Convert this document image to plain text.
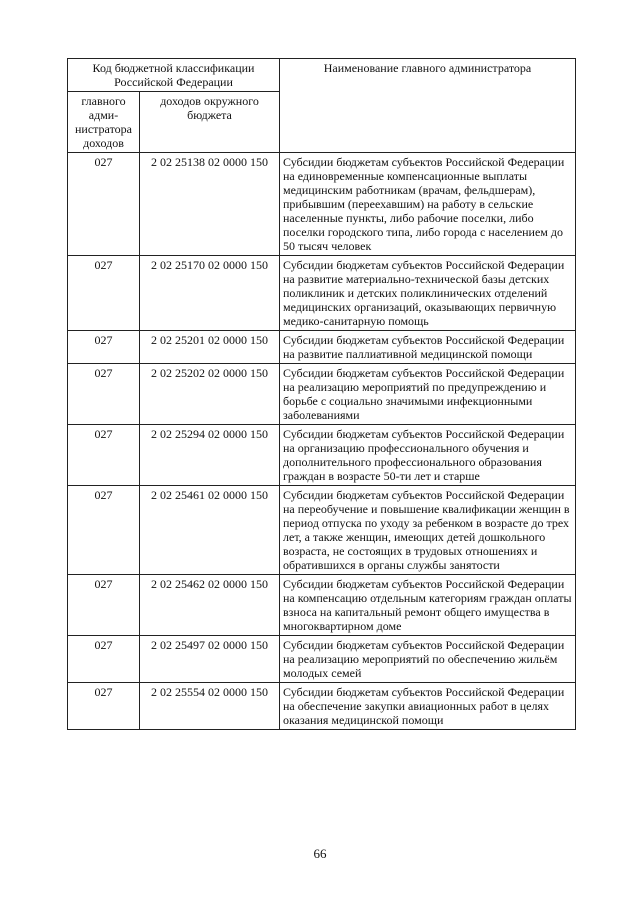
Код бюджетной классификации Российской Федерации		Наименование главного администратора
главного адми-нистратора доходов	доходов окружного бюджета	
027	2 02 25138 02 0000 150	Субсидии бюджетам субъектов Российской Федерации на единовременные компенсационные выплаты медицинским работникам (врачам, фельдшерам), прибывшим (переехавшим) на работу в сельские населенные пункты, либо рабочие поселки, либо поселки городского типа, либо города с населением до 50 тысяч человек
027	2 02 25170 02 0000 150	Субсидии бюджетам субъектов Российской Федерации на развитие материально-технической базы детских поликлиник и детских поликлинических отделений медицинских организаций, оказывающих первичную медико-санитарную помощь
027	2 02 25201 02 0000 150	Субсидии бюджетам субъектов Российской Федерации на развитие паллиативной медицинской помощи
027	2 02 25202 02 0000 150	Субсидии бюджетам субъектов Российской Федерации на реализацию мероприятий по предупреждению и борьбе с социально значимыми инфекционными заболеваниями
027	2 02 25294 02 0000 150	Субсидии бюджетам субъектов Российской Федерации на организацию профессионального обучения и дополнительного профессионального образования граждан в возрасте 50-ти лет и старше
027	2 02 25461 02 0000 150	Субсидии бюджетам субъектов Российской Федерации на переобучение и повышение квалификации женщин в период отпуска по уходу за ребенком в возрасте до трех лет, а также женщин, имеющих детей дошкольного возраста, не состоящих в трудовых отношениях и обратившихся в органы службы занятости
027	2 02 25462 02 0000 150	Субсидии бюджетам субъектов Российской Федерации на компенсацию отдельным категориям граждан оплаты взноса на капитальный ремонт общего имущества в многоквартирном доме
027	2 02 25497 02 0000 150	Субсидии бюджетам субъектов Российской Федерации на реализацию мероприятий по обеспечению жильём молодых семей
027	2 02 25554 02 0000 150	Субсидии бюджетам субъектов Российской Федерации на обеспечение закупки авиационных работ в целях оказания медицинской помощи
66
